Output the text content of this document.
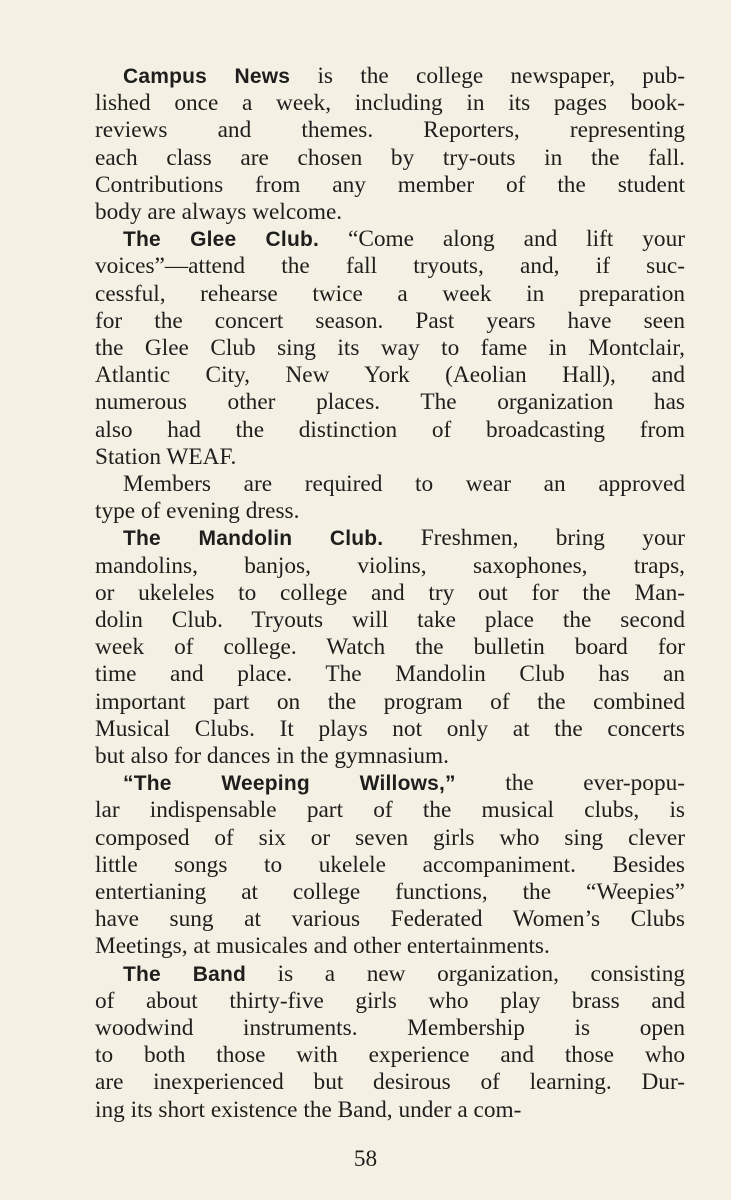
Campus News is the college newspaper, pub-
lished once a week, including in its pages book-
reviews and themes. Reporters, representing
each class are chosen by try-outs in the fall.
Contributions from any member of the student
body are always welcome.
The Glee Club. “Come along and lift your
voices”—attend the fall tryouts, and, if suc-
cessful, rehearse twice a week in preparation
for the concert season. Past years have seen
the Glee Club sing its way to fame in Montclair,
Atlantic City, New York (Aeolian Hall), and
numerous other places. The organization has
also had the distinction of broadcasting from
Station WEAF.
Members are required to wear an approved
type of evening dress.
The Mandolin Club. Freshmen, bring your
mandolins, banjos, violins, saxophones, traps,
or ukeleles to college and try out for the Man-
dolin Club. Tryouts will take place the second
week of college. Watch the bulletin board for
time and place. The Mandolin Club has an
important part on the program of the combined
Musical Clubs. It plays not only at the concerts
but also for dances in the gymnasium.
“The Weeping Willows,” the ever-popu-
lar indispensable part of the musical clubs, is
composed of six or seven girls who sing clever
little songs to ukelele accompaniment. Besides
entertianing at college functions, the “Weepies”
have sung at various Federated Women’s Clubs
Meetings, at musicales and other entertainments.
The Band is a new organization, consisting
of about thirty-five girls who play brass and
woodwind instruments. Membership is open
to both those with experience and those who
are inexperienced but desirous of learning. Dur-
ing its short existence the Band, under a com-
58
